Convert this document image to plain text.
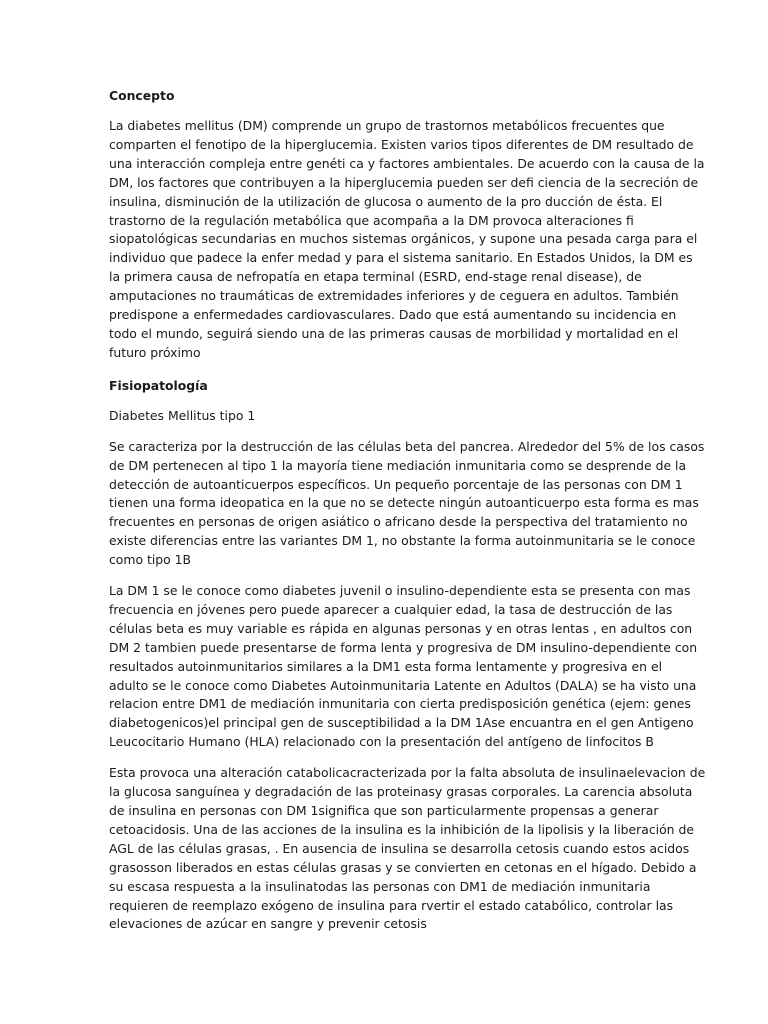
Concepto

La diabetes mellitus (DM) comprende un grupo de trastornos metabólicos frecuentes que
comparten el fenotipo de la hiperglucemia. Existen varios tipos diferentes de DM resultado de
una interacción compleja entre genéti ca y factores ambientales. De acuerdo con la causa de la
DM, los factores que contribuyen a la hiperglucemia pueden ser defi ciencia de la secreción de
insulina, disminución de la utilización de glucosa o aumento de la pro ducción de ésta. El
trastorno de la regulación metabólica que acompaña a la DM provoca alteraciones fi
siopatológicas secundarias en muchos sistemas orgánicos, y supone una pesada carga para el
individuo que padece la enfer medad y para el sistema sanitario. En Estados Unidos, la DM es
la primera causa de nefropatía en etapa terminal (ESRD, end-stage renal disease), de
amputaciones no traumáticas de extremidades inferiores y de ceguera en adultos. También
predispone a enfermedades cardiovasculares. Dado que está aumentando su incidencia en
todo el mundo, seguirá siendo una de las primeras causas de morbilidad y mortalidad en el
futuro próximo

Fisiopatología

Diabetes Mellitus tipo 1

Se caracteriza por la destrucción de las células beta del pancrea. Alrededor del 5% de los casos
de DM pertenecen al tipo 1 la mayoría tiene mediación inmunitaria como se desprende de la
detección de autoanticuerpos específicos. Un pequeño porcentaje de las personas con DM 1
tienen una forma ideopatica en la que no se detecte ningún autoanticuerpo esta forma es mas
frecuentes en personas de origen asiático o africano desde la perspectiva del tratamiento no
existe diferencias entre las variantes DM 1, no obstante la forma autoinmunitaria se le conoce
como tipo 1B

La DM 1 se le conoce como diabetes juvenil o insulino-dependiente esta se presenta con mas
frecuencia en jóvenes pero puede aparecer a cualquier edad, la tasa de destrucción de las
células beta es muy variable es rápida en algunas personas y en otras lentas , en adultos con
DM 2 tambien puede presentarse de forma lenta y progresiva de DM insulino-dependiente con
resultados autoinmunitarios similares a la DM1 esta forma lentamente y progresiva en el
adulto se le conoce como Diabetes Autoinmunitaria Latente en Adultos (DALA) se ha visto una
relacion entre DM1 de mediación inmunitaria con cierta predisposición genética (ejem: genes
diabetogenicos)el principal gen de susceptibilidad a la DM 1Ase encuantra en el gen Antigeno
Leucocitario Humano (HLA) relacionado con la presentación del antígeno de linfocitos B

Esta provoca una alteración catabolicacracterizada por la falta absoluta de insulinaelevacion de
la glucosa sanguínea y degradación de las proteinasy grasas corporales. La carencia absoluta
de insulina en personas con DM 1significa que son particularmente propensas a generar
cetoacidosis. Una de las acciones de la insulina es la inhibición de la lipolisis y la liberación de
AGL de las células grasas, . En ausencia de insulina se desarrolla cetosis cuando estos acidos
grasosson liberados en estas células grasas y se convierten en cetonas en el hígado. Debido a
su escasa respuesta a la insulinatodas las personas con DM1 de mediación inmunitaria
requieren de reemplazo exógeno de insulina para rvertir el estado catabólico, controlar las
elevaciones de azúcar en sangre y prevenir cetosis
